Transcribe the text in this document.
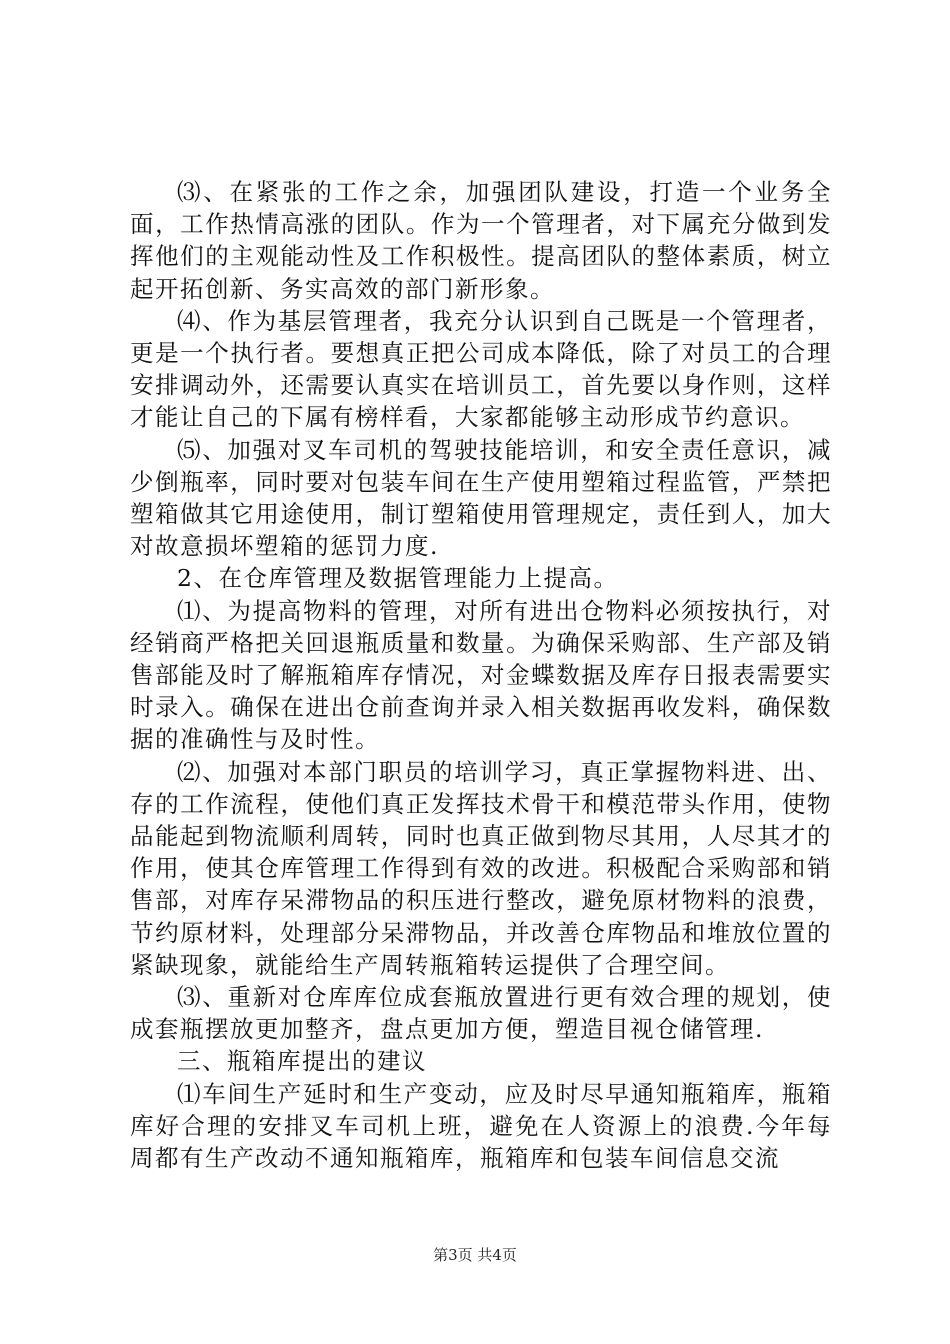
⑶、在紧张的工作之余，加强团队建设，打造一个业务全面，工作热情高涨的团队。作为一个管理者，对下属充分做到发挥他们的主观能动性及工作积极性。提高团队的整体素质，树立起开拓创新、务实高效的部门新形象。

⑷、作为基层管理者，我充分认识到自己既是一个管理者，更是一个执行者。要想真正把公司成本降低，除了对员工的合理安排调动外，还需要认真实在培训员工，首先要以身作则，这样才能让自己的下属有榜样看，大家都能够主动形成节约意识。

⑸、加强对叉车司机的驾驶技能培训，和安全责任意识，减少倒瓶率，同时要对包装车间在生产使用塑箱过程监管，严禁把塑箱做其它用途使用，制订塑箱使用管理规定，责任到人，加大对故意损坏塑箱的惩罚力度.

2、在仓库管理及数据管理能力上提高。

⑴、为提高物料的管理，对所有进出仓物料必须按执行，对经销商严格把关回退瓶质量和数量。为确保采购部、生产部及销售部能及时了解瓶箱库存情况，对金蝶数据及库存日报表需要实时录入。确保在进出仓前查询并录入相关数据再收发料，确保数据的准确性与及时性。

⑵、加强对本部门职员的培训学习，真正掌握物料进、出、存的工作流程，使他们真正发挥技术骨干和模范带头作用，使物品能起到物流顺利周转，同时也真正做到物尽其用，人尽其才的作用，使其仓库管理工作得到有效的改进。积极配合采购部和销售部，对库存呆滞物品的积压进行整改，避免原材物料的浪费，节约原材料，处理部分呆滞物品，并改善仓库物品和堆放位置的紧缺现象，就能给生产周转瓶箱转运提供了合理空间。

⑶、重新对仓库库位成套瓶放置进行更有效合理的规划，使成套瓶摆放更加整齐，盘点更加方便，塑造目视仓储管理.

三、瓶箱库提出的建议

⑴车间生产延时和生产变动，应及时尽早通知瓶箱库，瓶箱库好合理的安排叉车司机上班，避免在人资源上的浪费.今年每周都有生产改动不通知瓶箱库，瓶箱库和包装车间信息交流

第3页 共4页
